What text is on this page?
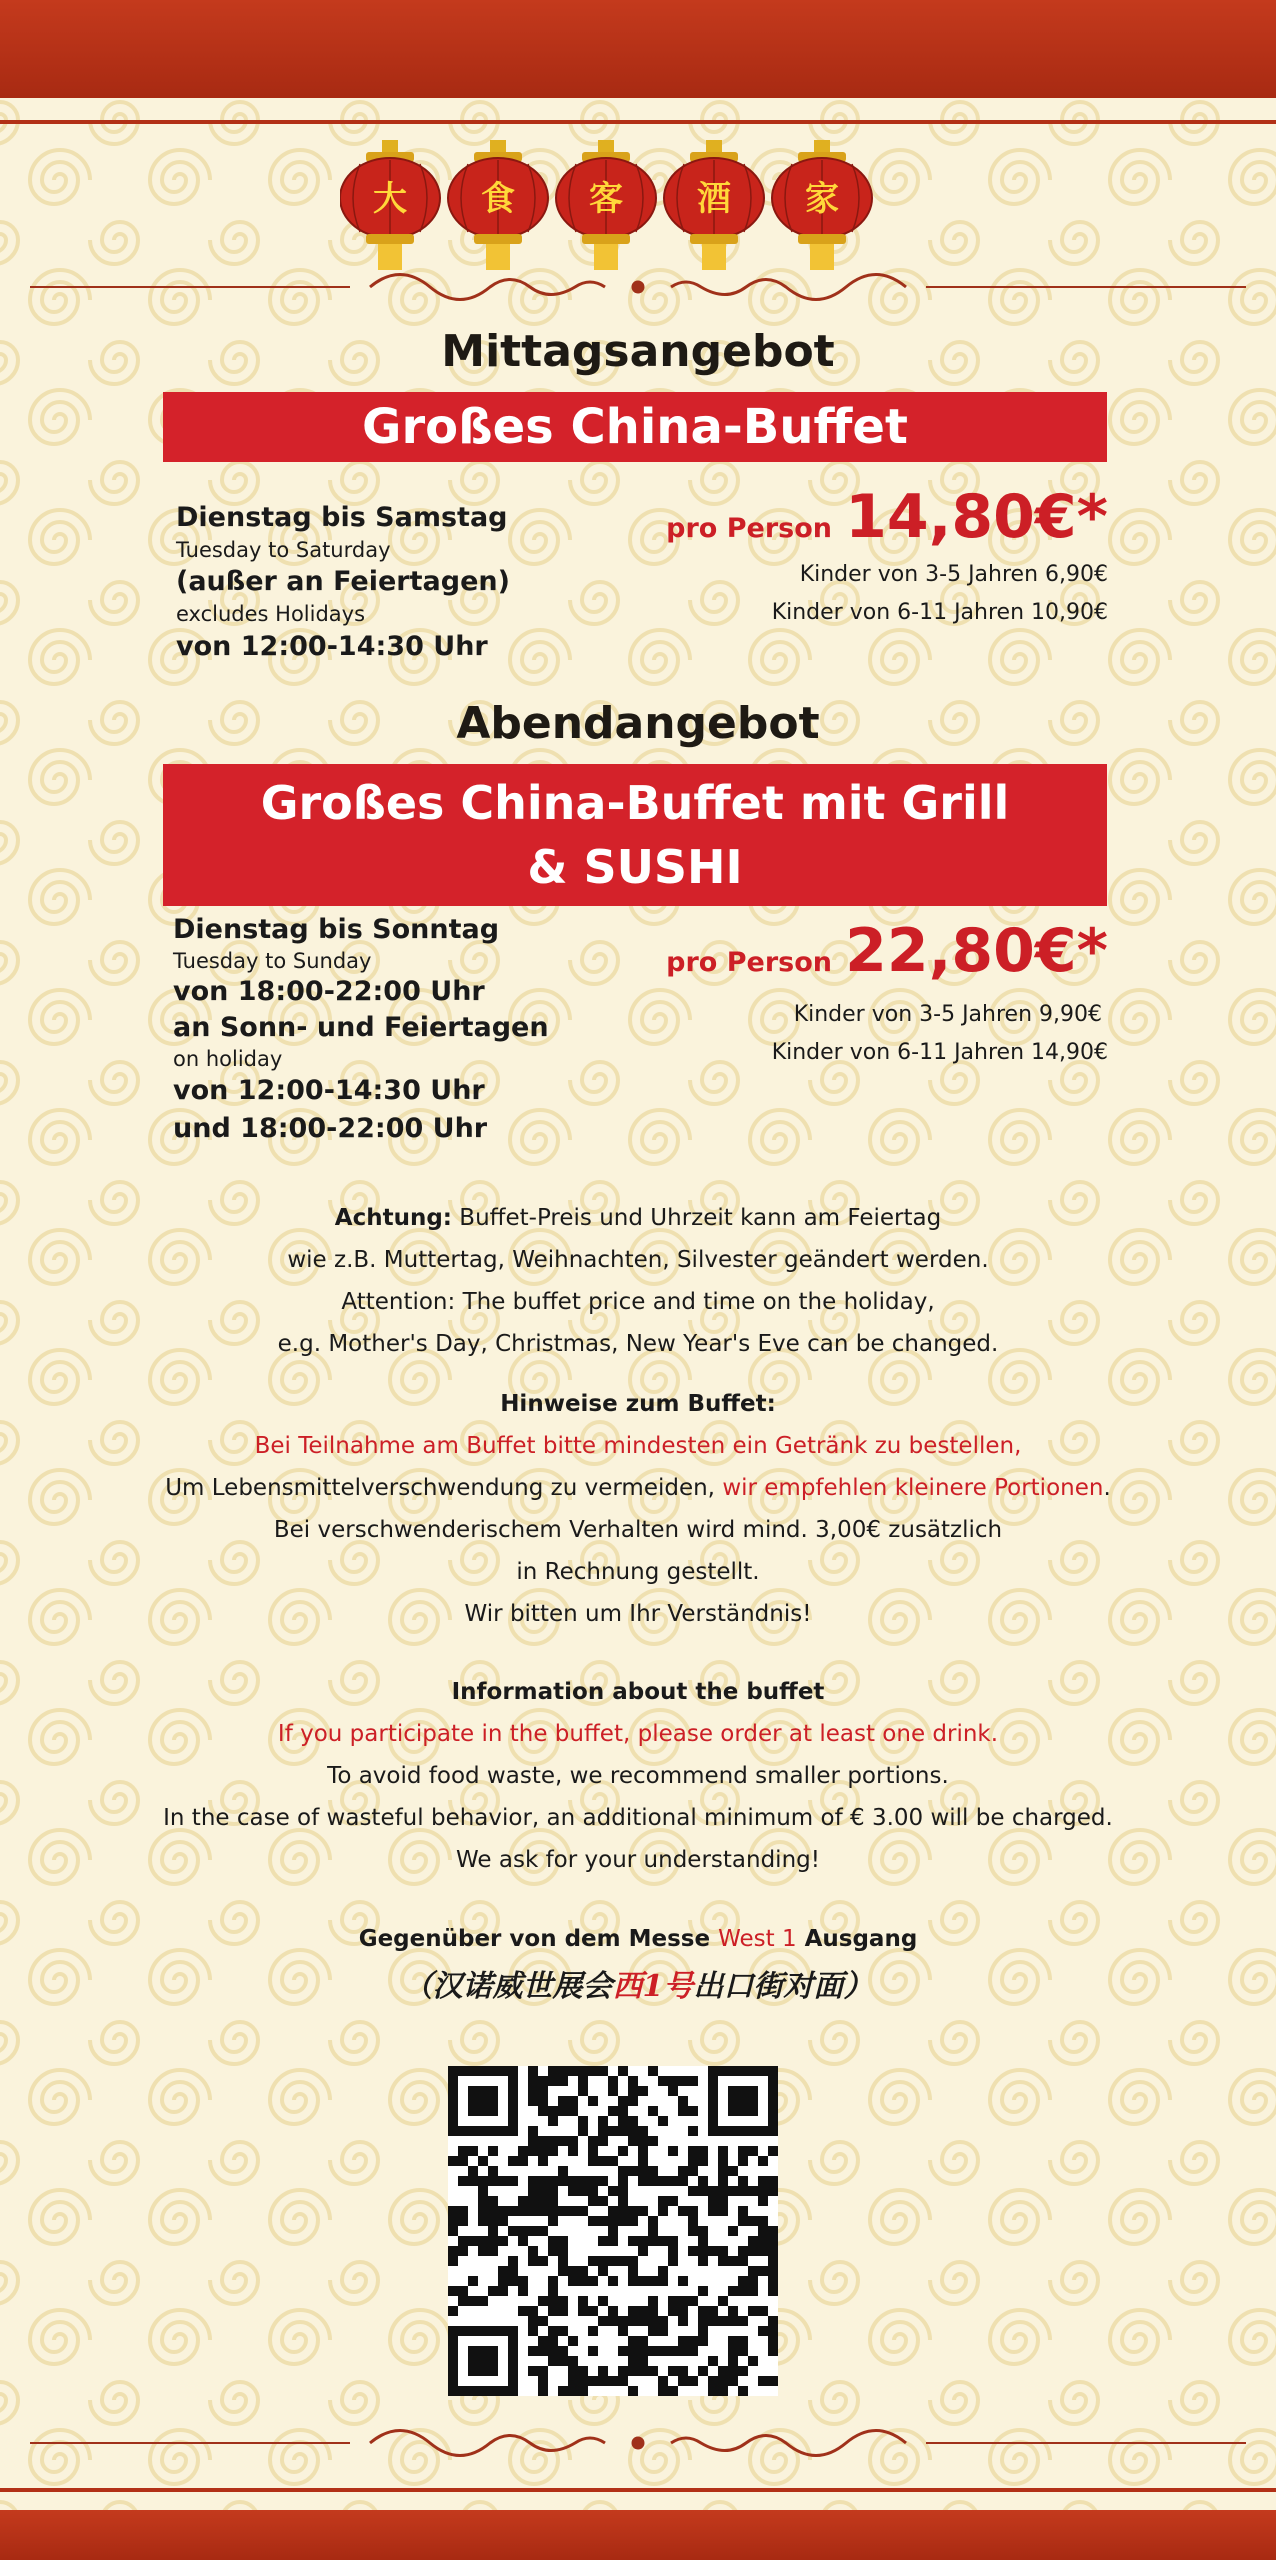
大 食 客 酒 家
Mittagsangebot
Großes China-Buffet
Dienstag bis Samstag
Tuesday to Saturday
(außer an Feiertagen)
excludes Holidays
von 12:00-14:30 Uhr
pro Person 14,80€*
Kinder von 3-5 Jahren 6,90€
Kinder von 6-11 Jahren 10,90€
Abendangebot
Großes China-Buffet mit Grill
& SUSHI
Dienstag bis Sonntag
Tuesday to Sunday
von 18:00-22:00 Uhr
an Sonn- und Feiertagen
on holiday
von 12:00-14:30 Uhr
und 18:00-22:00 Uhr
pro Person 22,80€*
Kinder von 3-5 Jahren 9,90€
Kinder von 6-11 Jahren 14,90€
Achtung: Buffet-Preis und Uhrzeit kann am Feiertag
wie z.B. Muttertag, Weihnachten, Silvester geändert werden.
Attention: The buffet price and time on the holiday,
e.g. Mother's Day, Christmas, New Year's Eve can be changed.
Hinweise zum Buffet:
Bei Teilnahme am Buffet bitte mindesten ein Getränk zu bestellen,
Um Lebensmittelverschwendung zu vermeiden, wir empfehlen kleinere Portionen.
Bei verschwenderischem Verhalten wird mind. 3,00€ zusätzlich
in Rechnung gestellt.
Wir bitten um Ihr Verständnis!
Information about the buffet
If you participate in the buffet, please order at least one drink.
To avoid food waste, we recommend smaller portions.
In the case of wasteful behavior, an additional minimum of € 3.00 will be charged.
We ask for your understanding!
Gegenüber von dem Messe West 1 Ausgang
（汉诺威世展会西1号出口街对面）
